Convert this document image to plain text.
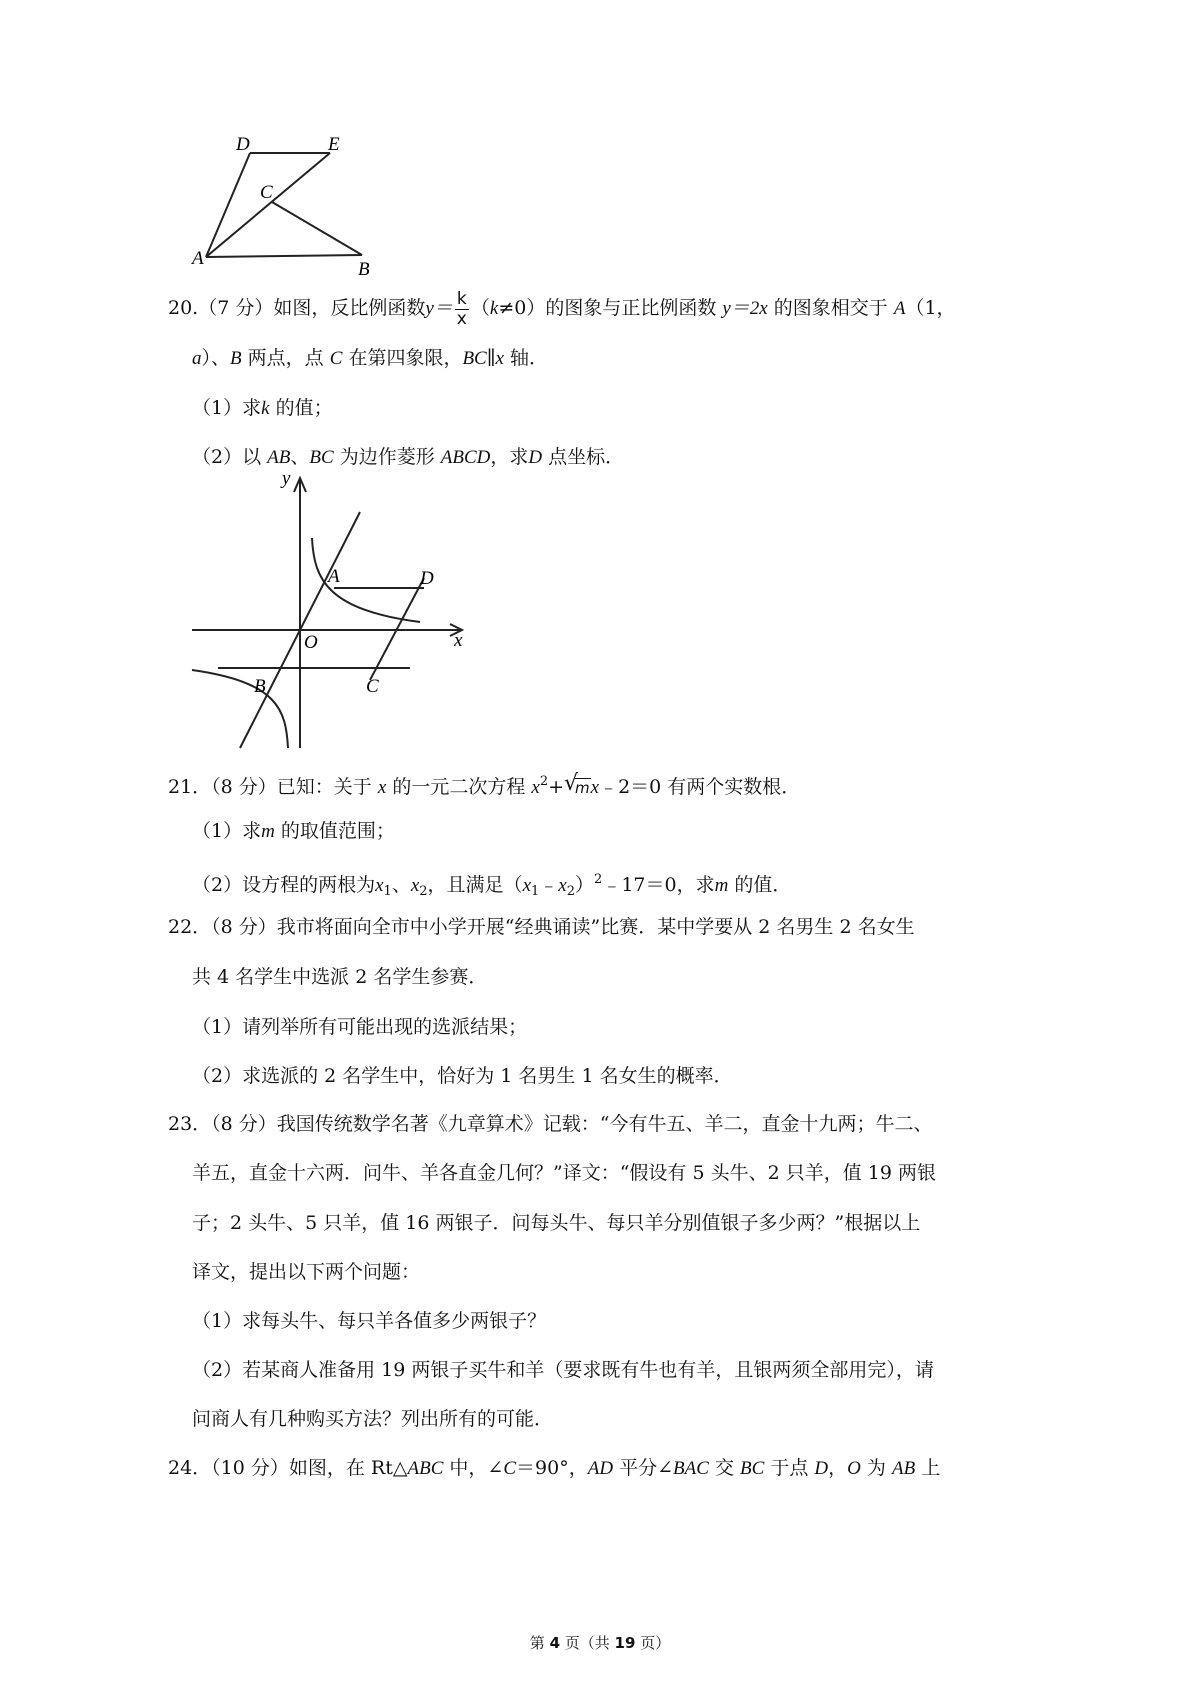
D	E
C
A
B
20.（7 分）如图，反比例函数$y= \frac{k}{x} (k\ne 0)$的图象与正比例函数 y＝2x 的图象相交于 A（1，
a）、B 两点，点 C 在第四象限，BC∥x 轴．
（1）求k 的值；
（2）以 AB、BC 为边作菱形 ABCD，求D 点坐标．
y
A	D
O	x
B	C
21．（8 分）已知：关于 x 的一元二次方程 $x^2+$ √
mx﹣2＝0 有两个实数根．
（1）求m 的取值范围；
（2）设方程的两根为$x_1$、$x_2$，且满足$(x_1﹣x_2)^2﹣17=0$，求m 的值．
22．（8 分）我市将面向全市中小学开展“经典诵读”比赛．某中学要从 2 名男生 2 名女生
共 4 名学生中选派 2 名学生参赛．
（1）请列举所有可能出现的选派结果；
（2）求选派的 2 名学生中，恰好为 1 名男生 1 名女生的概率．
23．（8 分）我国传统数学名著《九章算术》记载：“今有牛五、羊二，直金十九两；牛二、
羊五，直金十六两．问牛、羊各直金几何？”译文：“假设有 5 头牛、2 只羊，值 19 两银
子；2 头牛、5 只羊，值 16 两银子．问每头牛、每只羊分别值银子多少两？”根据以上
译文，提出以下两个问题：
（1）求每头牛、每只羊各值多少两银子？
（2）若某商人准备用 19 两银子买牛和羊（要求既有牛也有羊，且银两须全部用完），请
问商人有几种购买方法？列出所有的可能．
24．（10 分）如图，在 Rt△ABC 中，∠C＝90°，AD 平分∠BAC 交 BC 于点 D，O 为 AB 上
第 4 页（共 19 页）
